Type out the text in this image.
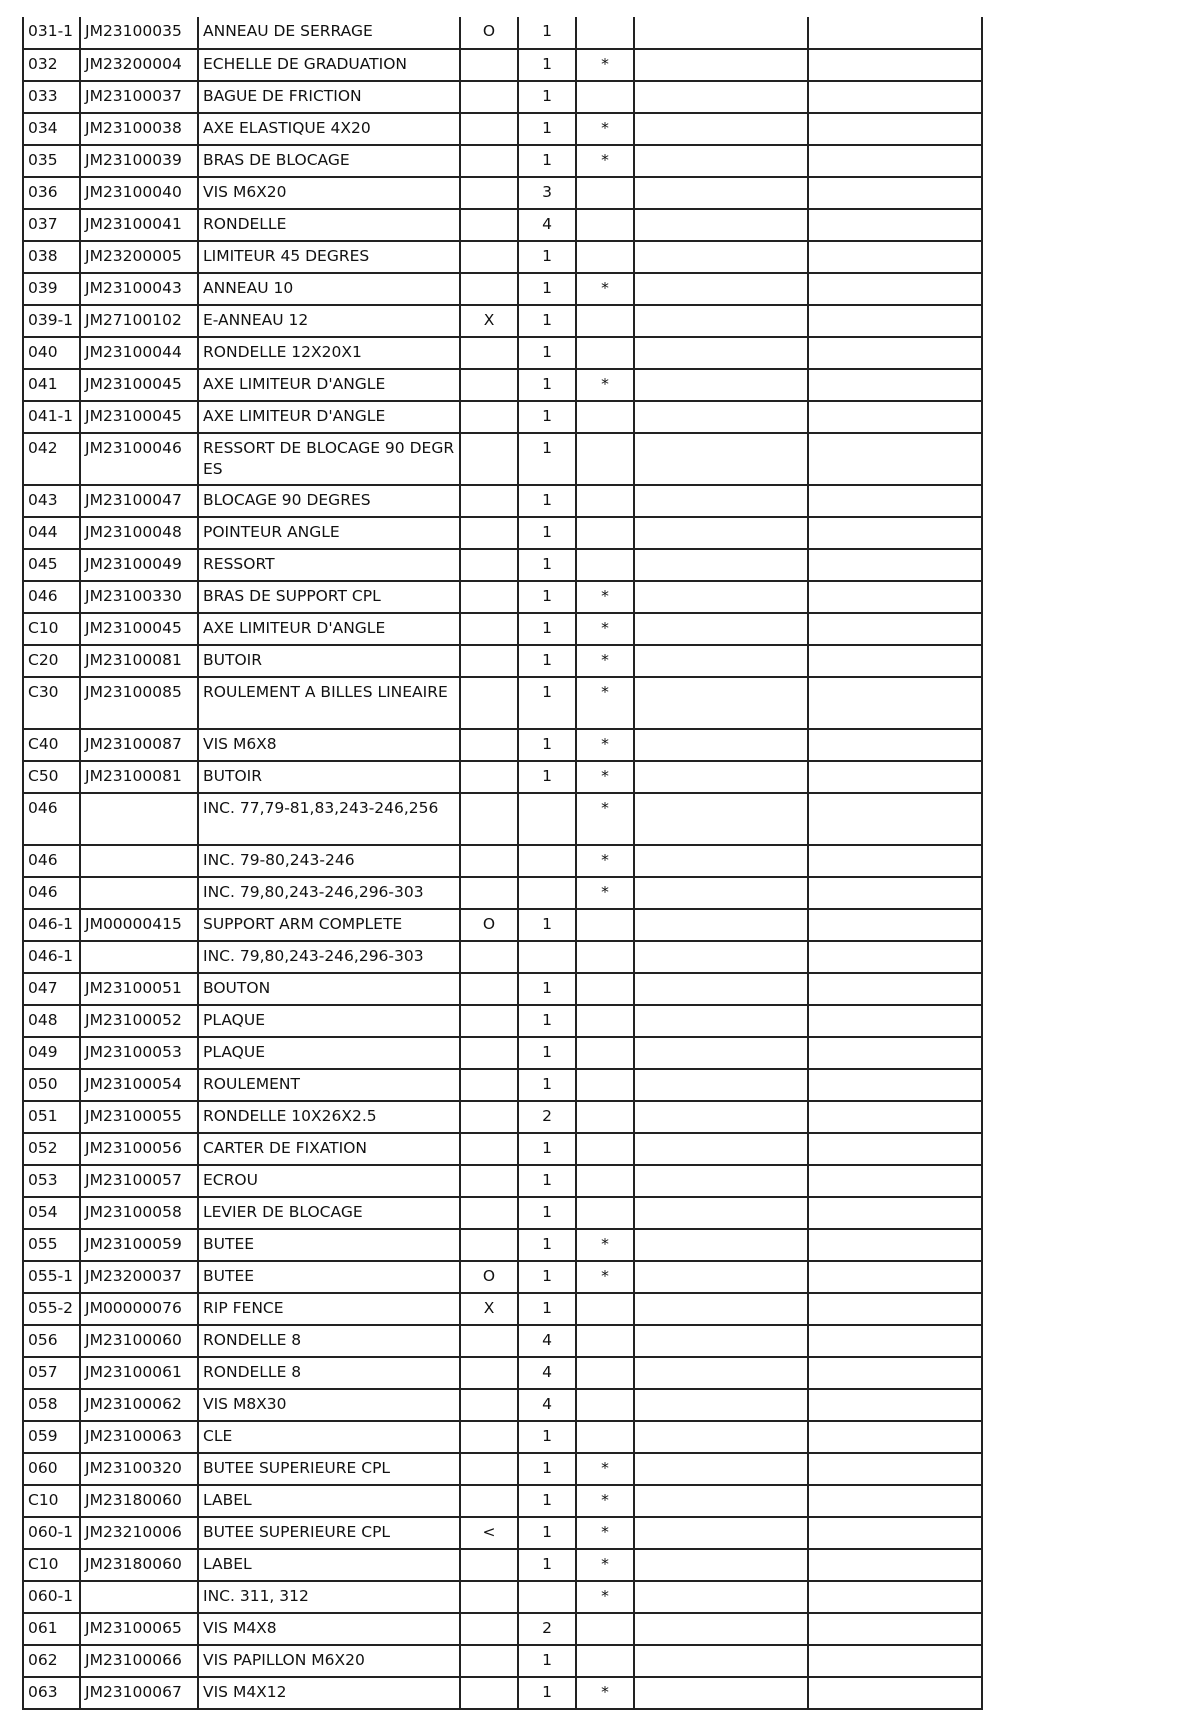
031-1	JM23100035	ANNEAU DE SERRAGE	O	1			
032	JM23200004	ECHELLE DE GRADUATION		1	*		
033	JM23100037	BAGUE DE FRICTION		1			
034	JM23100038	AXE ELASTIQUE 4X20		1	*		
035	JM23100039	BRAS DE BLOCAGE		1	*		
036	JM23100040	VIS M6X20		3			
037	JM23100041	RONDELLE		4			
038	JM23200005	LIMITEUR 45 DEGRES		1			
039	JM23100043	ANNEAU 10		1	*		
039-1	JM27100102	E-ANNEAU 12	X	1			
040	JM23100044	RONDELLE 12X20X1		1			
041	JM23100045	AXE LIMITEUR D'ANGLE		1	*		
041-1	JM23100045	AXE LIMITEUR D'ANGLE		1			
042	JM23100046	RESSORT DE BLOCAGE 90 DEGRES		1			
043	JM23100047	BLOCAGE 90 DEGRES		1			
044	JM23100048	POINTEUR ANGLE		1			
045	JM23100049	RESSORT		1			
046	JM23100330	BRAS DE SUPPORT CPL		1	*		
C10	JM23100045	AXE LIMITEUR D'ANGLE		1	*		
C20	JM23100081	BUTOIR		1	*		
C30	JM23100085	ROULEMENT A BILLES LINEAIRE		1	*		
C40	JM23100087	VIS M6X8		1	*		
C50	JM23100081	BUTOIR		1	*		
046		INC. 77,79-81,83,243-246,256			*		
046		INC. 79-80,243-246			*		
046		INC. 79,80,243-246,296-303			*		
046-1	JM00000415	SUPPORT ARM COMPLETE	O	1			
046-1		INC. 79,80,243-246,296-303					
047	JM23100051	BOUTON		1			
048	JM23100052	PLAQUE		1			
049	JM23100053	PLAQUE		1			
050	JM23100054	ROULEMENT		1			
051	JM23100055	RONDELLE 10X26X2.5		2			
052	JM23100056	CARTER DE FIXATION		1			
053	JM23100057	ECROU		1			
054	JM23100058	LEVIER DE BLOCAGE		1			
055	JM23100059	BUTEE		1	*		
055-1	JM23200037	BUTEE	O	1	*		
055-2	JM00000076	RIP FENCE	X	1			
056	JM23100060	RONDELLE 8		4			
057	JM23100061	RONDELLE 8		4			
058	JM23100062	VIS M8X30		4			
059	JM23100063	CLE		1			
060	JM23100320	BUTEE SUPERIEURE CPL		1	*		
C10	JM23180060	LABEL		1	*		
060-1	JM23210006	BUTEE SUPERIEURE CPL	<	1	*		
C10	JM23180060	LABEL		1	*		
060-1		INC. 311, 312			*		
061	JM23100065	VIS M4X8		2			
062	JM23100066	VIS PAPILLON M6X20		1			
063	JM23100067	VIS M4X12		1	*		
